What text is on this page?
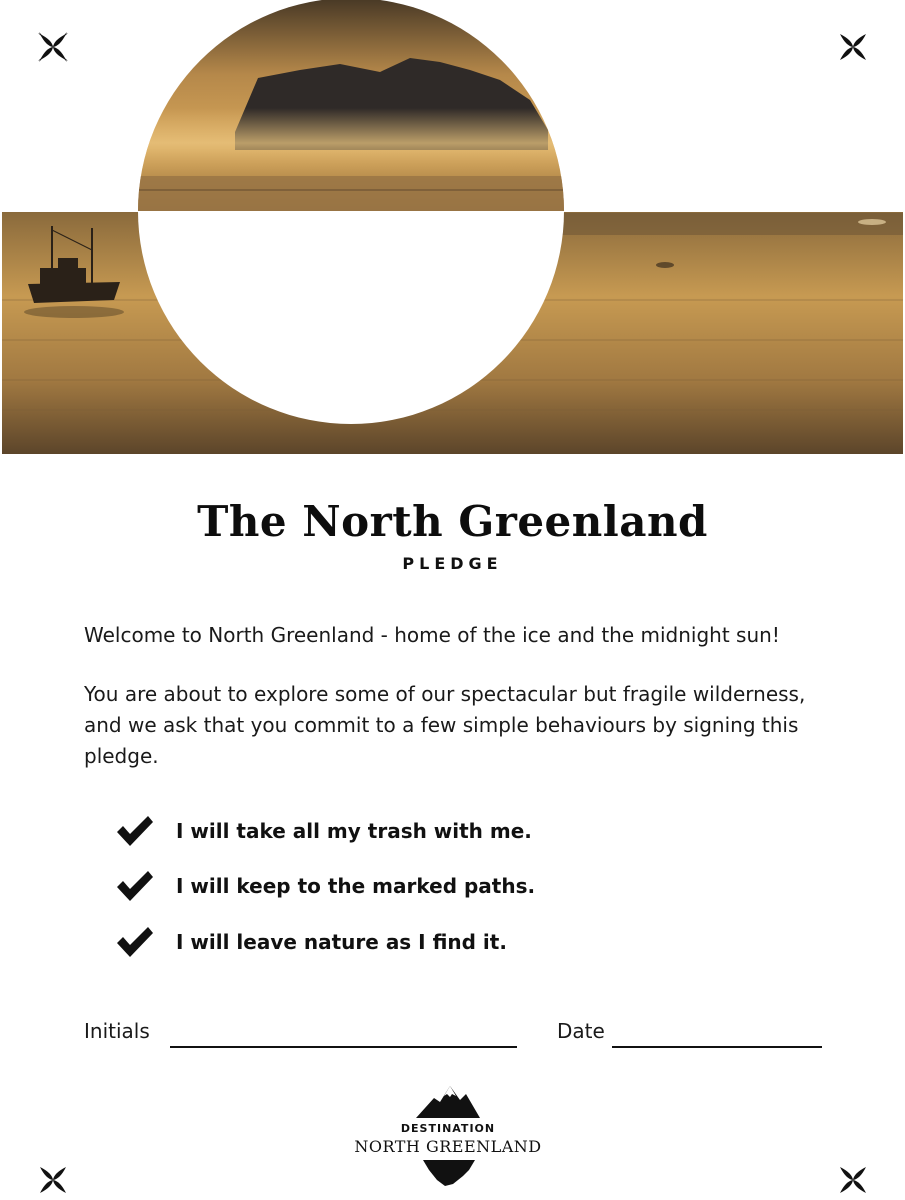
The North Greenland
PLEDGE

Welcome to North Greenland - home of the ice and the midnight sun!

You are about to explore some of our spectacular but fragile wilderness, and we ask that you commit to a few simple behaviours by signing this pledge.

I will take all my trash with me.
I will keep to the marked paths.
I will leave nature as I find it.
Initials	Date
DESTINATION
NORTH GREENLAND
